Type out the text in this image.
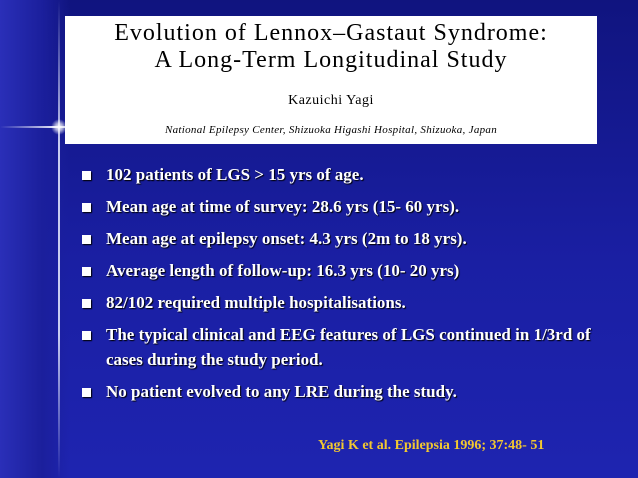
Evolution of Lennox–Gastaut Syndrome:
A Long-Term Longitudinal Study
Kazuichi Yagi
National Epilepsy Center, Shizuoka Higashi Hospital, Shizuoka, Japan
102 patients of LGS > 15 yrs of age.
Mean age at time of survey: 28.6 yrs (15- 60 yrs).
Mean age at epilepsy onset: 4.3 yrs (2m to 18 yrs).
Average length of follow-up: 16.3 yrs (10- 20 yrs)
82/102 required multiple hospitalisations.
The typical clinical and EEG features of LGS continued in 1/3rd of cases during the study period.
No patient evolved to any LRE during the study.
Yagi K et al. Epilepsia 1996; 37:48- 51
